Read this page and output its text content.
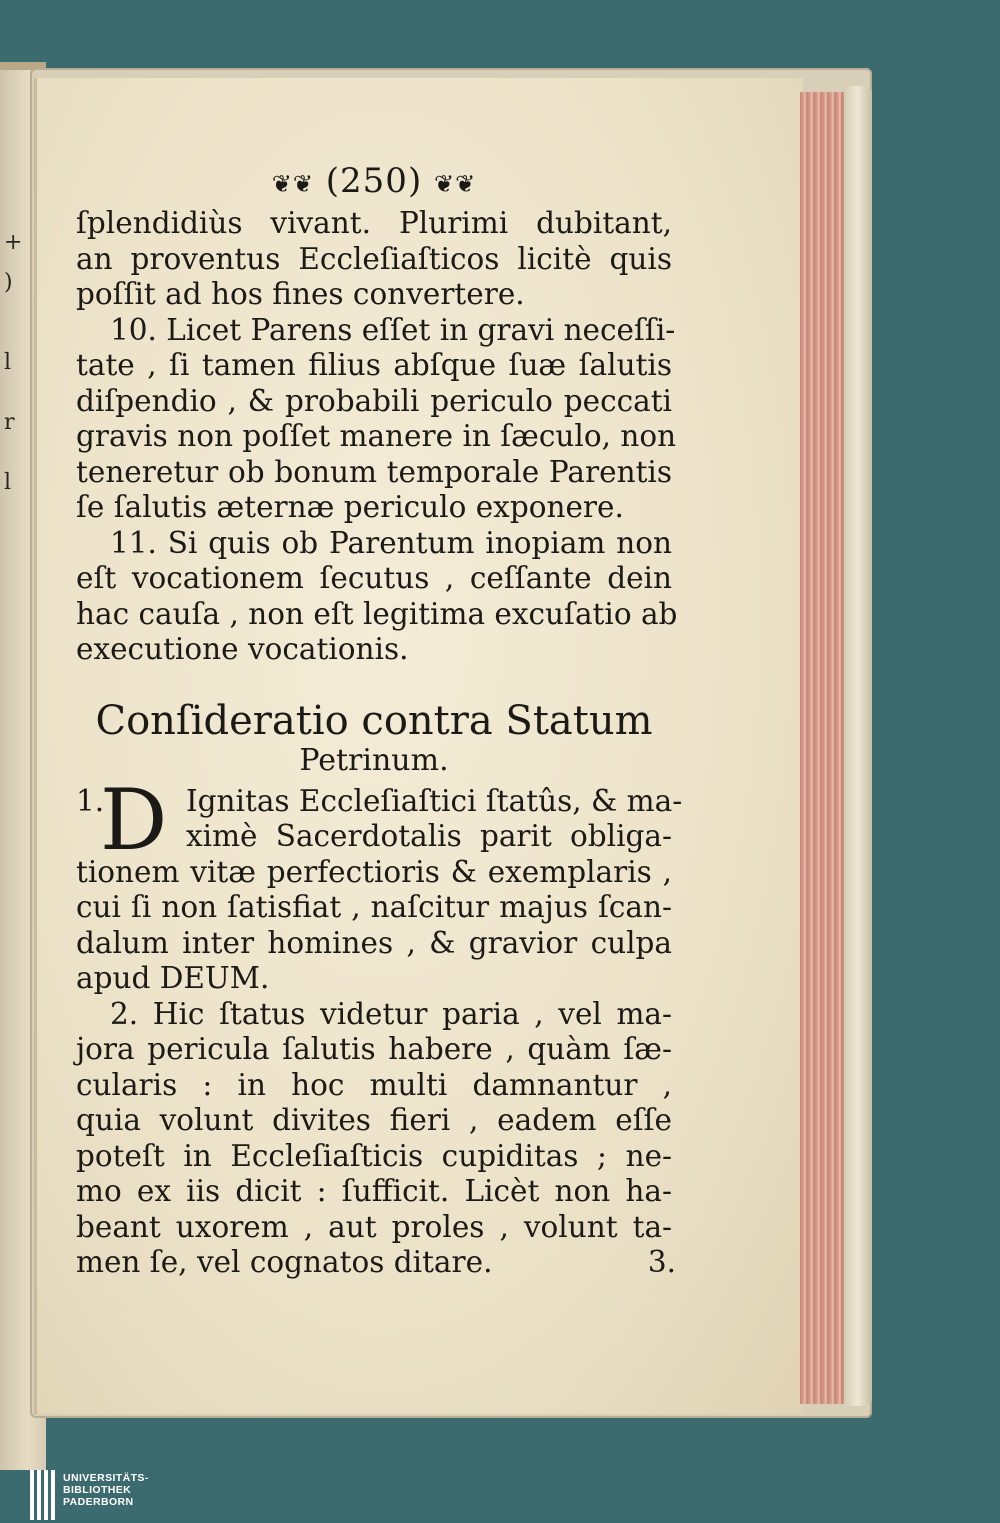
+
)
l
r
l
❦❦ (250) ❦❦
ſplendidiùs vivant. Plurimi dubitant,
an proventus Eccleſiaſticos licitè quis
poſſit ad hos fines convertere.
10. Licet Parens eſſet in gravi neceſſi-
tate , ſi tamen filius abſque ſuæ ſalutis
diſpendio , & probabili periculo peccati
gravis non poſſet manere in ſæculo, non
teneretur ob bonum temporale Parentis
ſe ſalutis æternæ periculo exponere.
11. Si quis ob Parentum inopiam non
eſt vocationem ſecutus , ceſſante dein
hac cauſa , non eſt legitima excuſatio ab
executione vocationis.
Conſideratio contra Statum
Petrinum.
1.
D Ignitas Eccleſiaſtici ſtatûs, & ma-
ximè Sacerdotalis parit obliga-
tionem vitæ perfectioris & exemplaris ,
cui ſi non ſatisfiat , naſcitur majus ſcan-
dalum inter homines , & gravior culpa
apud DEUM.
2. Hic ſtatus videtur paria , vel ma-
jora pericula ſalutis habere , quàm ſæ-
cularis : in hoc multi damnantur ,
quia volunt divites fieri , eadem eſſe
poteſt in Eccleſiaſticis cupiditas ; ne-
mo ex iis dicit : ſufficit. Licèt non ha-
beant uxorem , aut proles , volunt ta-
men ſe, vel cognatos ditare.	3.
UNIVERSITÄTS-
BIBLIOTHEK
PADERBORN
